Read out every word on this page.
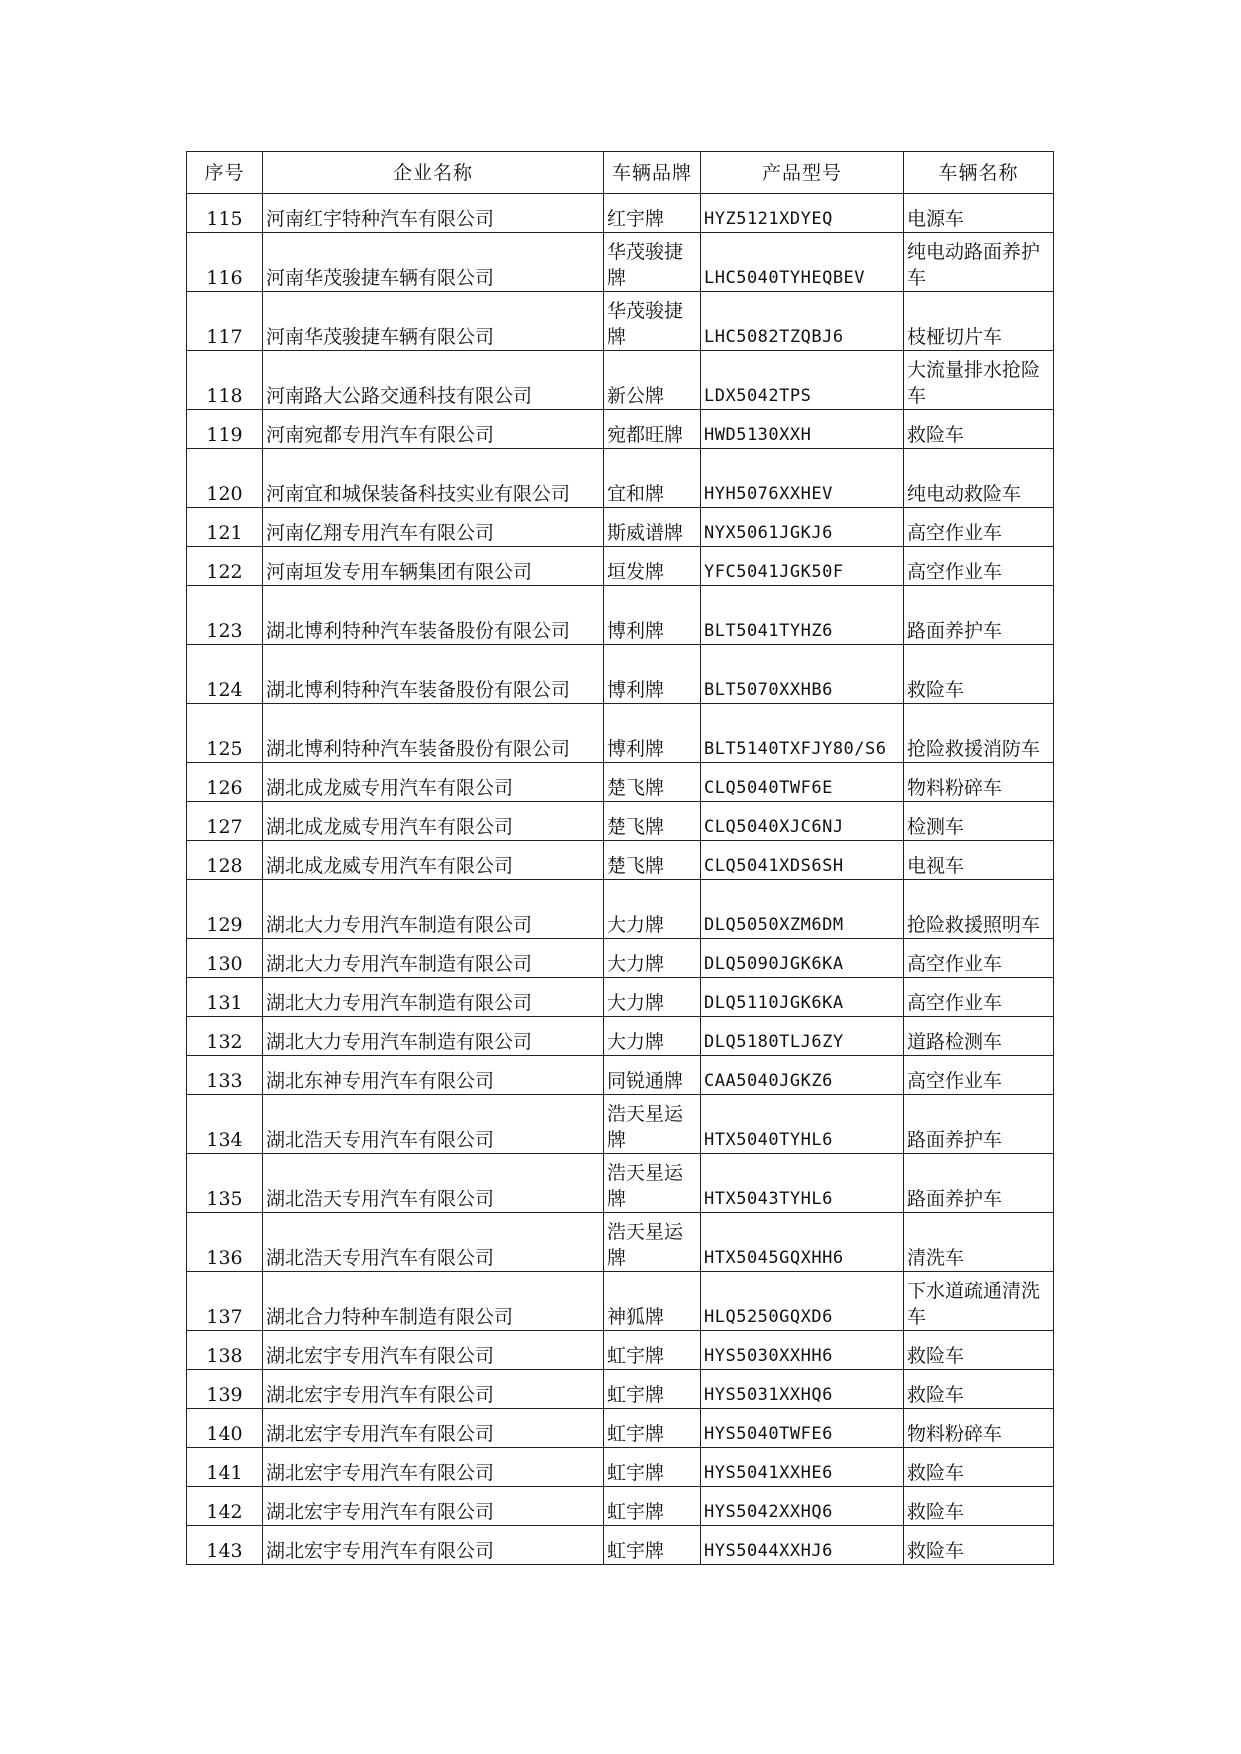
序号	企业名称	车辆品牌	产品型号	车辆名称
115	河南红宇特种汽车有限公司	红宇牌	HYZ5121XDYEQ	电源车
116	河南华茂骏捷车辆有限公司	华茂骏捷牌	LHC5040TYHEQBEV	纯电动路面养护车
117	河南华茂骏捷车辆有限公司	华茂骏捷牌	LHC5082TZQBJ6	枝桠切片车
118	河南路大公路交通科技有限公司	新公牌	LDX5042TPS	大流量排水抢险车
119	河南宛都专用汽车有限公司	宛都旺牌	HWD5130XXH	救险车
120	河南宜和城保装备科技实业有限公司	宜和牌	HYH5076XXHEV	纯电动救险车
121	河南亿翔专用汽车有限公司	斯威谱牌	NYX5061JGKJ6	高空作业车
122	河南垣发专用车辆集团有限公司	垣发牌	YFC5041JGK50F	高空作业车
123	湖北博利特种汽车装备股份有限公司	博利牌	BLT5041TYHZ6	路面养护车
124	湖北博利特种汽车装备股份有限公司	博利牌	BLT5070XXHB6	救险车
125	湖北博利特种汽车装备股份有限公司	博利牌	BLT5140TXFJY80/S6	抢险救援消防车
126	湖北成龙威专用汽车有限公司	楚飞牌	CLQ5040TWF6E	物料粉碎车
127	湖北成龙威专用汽车有限公司	楚飞牌	CLQ5040XJC6NJ	检测车
128	湖北成龙威专用汽车有限公司	楚飞牌	CLQ5041XDS6SH	电视车
129	湖北大力专用汽车制造有限公司	大力牌	DLQ5050XZM6DM	抢险救援照明车
130	湖北大力专用汽车制造有限公司	大力牌	DLQ5090JGK6KA	高空作业车
131	湖北大力专用汽车制造有限公司	大力牌	DLQ5110JGK6KA	高空作业车
132	湖北大力专用汽车制造有限公司	大力牌	DLQ5180TLJ6ZY	道路检测车
133	湖北东神专用汽车有限公司	同锐通牌	CAA5040JGKZ6	高空作业车
134	湖北浩天专用汽车有限公司	浩天星运牌	HTX5040TYHL6	路面养护车
135	湖北浩天专用汽车有限公司	浩天星运牌	HTX5043TYHL6	路面养护车
136	湖北浩天专用汽车有限公司	浩天星运牌	HTX5045GQXHH6	清洗车
137	湖北合力特种车制造有限公司	神狐牌	HLQ5250GQXD6	下水道疏通清洗车
138	湖北宏宇专用汽车有限公司	虹宇牌	HYS5030XXHH6	救险车
139	湖北宏宇专用汽车有限公司	虹宇牌	HYS5031XXHQ6	救险车
140	湖北宏宇专用汽车有限公司	虹宇牌	HYS5040TWFE6	物料粉碎车
141	湖北宏宇专用汽车有限公司	虹宇牌	HYS5041XXHE6	救险车
142	湖北宏宇专用汽车有限公司	虹宇牌	HYS5042XXHQ6	救险车
143	湖北宏宇专用汽车有限公司	虹宇牌	HYS5044XXHJ6	救险车
